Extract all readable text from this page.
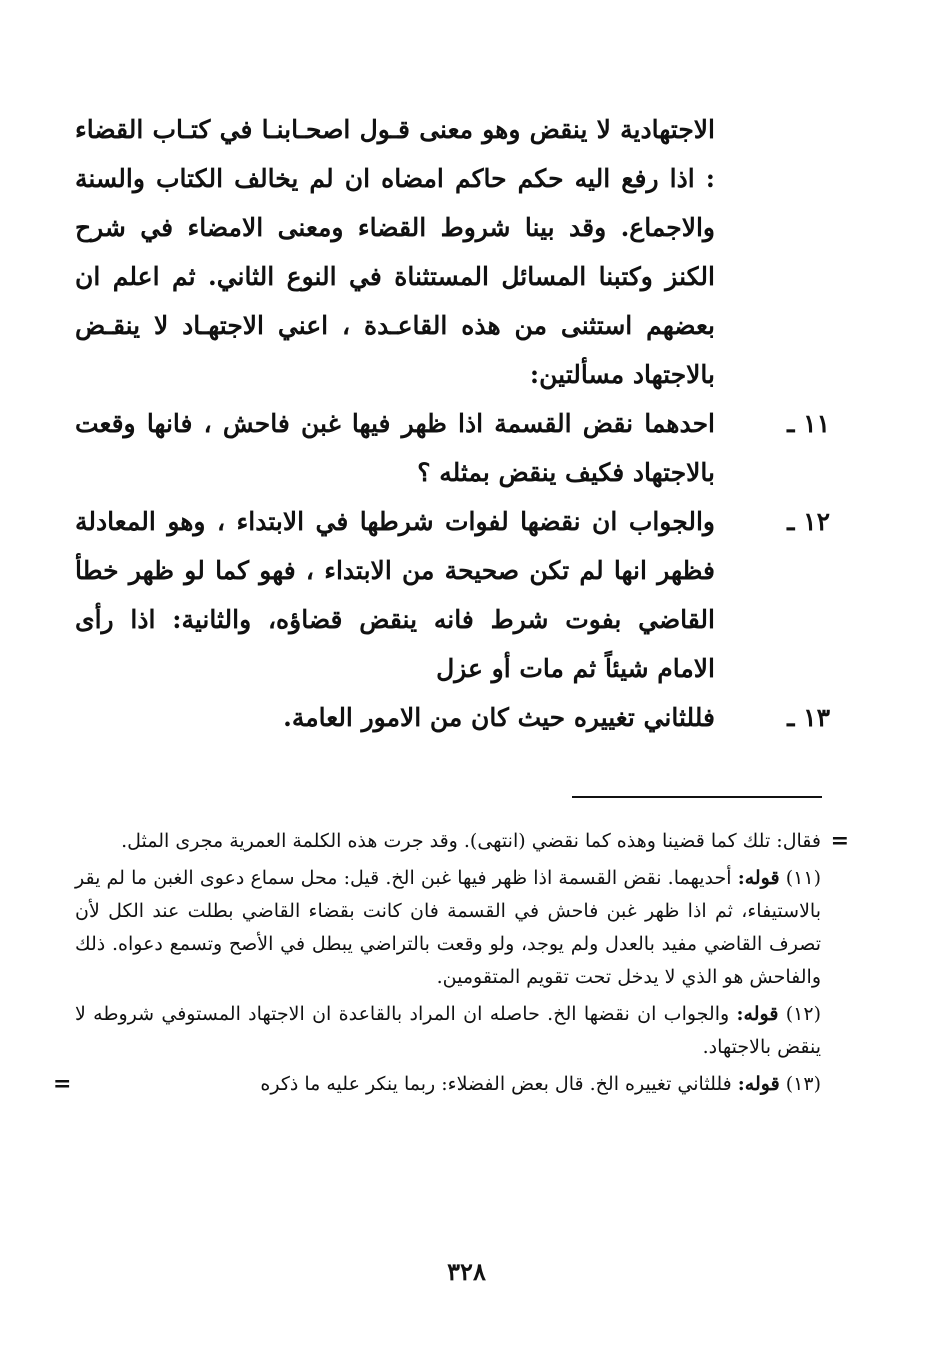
الاجتهادية لا ينقض وهو معنى قـول اصحـابنـا في كتـاب القضاء : اذا رفع اليه حكم حاكم امضاه ان لم يخالف الكتاب والسنة والاجماع. وقد بينا شروط القضاء ومعنى الامضاء في شرح الكنز وكتبنا المسائل المستثناة في النوع الثاني. ثم اعلم ان بعضهم استثنى من هذه القاعـدة ، اعني الاجتهـاد لا ينقـض بالاجتهاد مسألتين:

١١ ـ
احدهما نقض القسمة اذا ظهر فيها غبن فاحش ، فانها وقعت بالاجتهاد فكيف ينقض بمثله ؟
١٢ ـ
والجواب ان نقضها لفوات شرطها في الابتداء ، وهو المعادلة فظهر انها لم تكن صحيحة من الابتداء ، فهو كما لو ظهر خطأ القاضي بفوت شرط فانه ينقض قضاؤه، والثانية: اذا رأى الامام شيئاً ثم مات أو عزل
١٣ ـ
فللثاني تغييره حيث كان من الامور العامة.

=
فقال: تلك كما قضينا وهذه كما نقضي (انتهى). وقد جرت هذه الكلمة العمرية مجرى المثل.

(١١) قوله: أحديهما. نقض القسمة اذا ظهر فيها غبن الخ. قيل: محل سماع دعوى الغبن ما لم يقر بالاستيفاء، ثم اذا ظهر غبن فاحش في القسمة فان كانت بقضاء القاضي بطلت عند الكل لأن تصرف القاضي مفيد بالعدل ولم يوجد، ولو وقعت بالتراضي يبطل في الأصح وتسمع دعواه. ذلك والفاحش هو الذي لا يدخل تحت تقويم المتقومين.

(١٢) قوله: والجواب ان نقضها الخ. حاصله ان المراد بالقاعدة ان الاجتهاد المستوفي شروطه لا ينقض بالاجتهاد.

(١٣) قوله: فللثاني تغييره الخ. قال بعض الفضلاء: ربما ينكر عليه ما ذكره
=

٣٢٨
